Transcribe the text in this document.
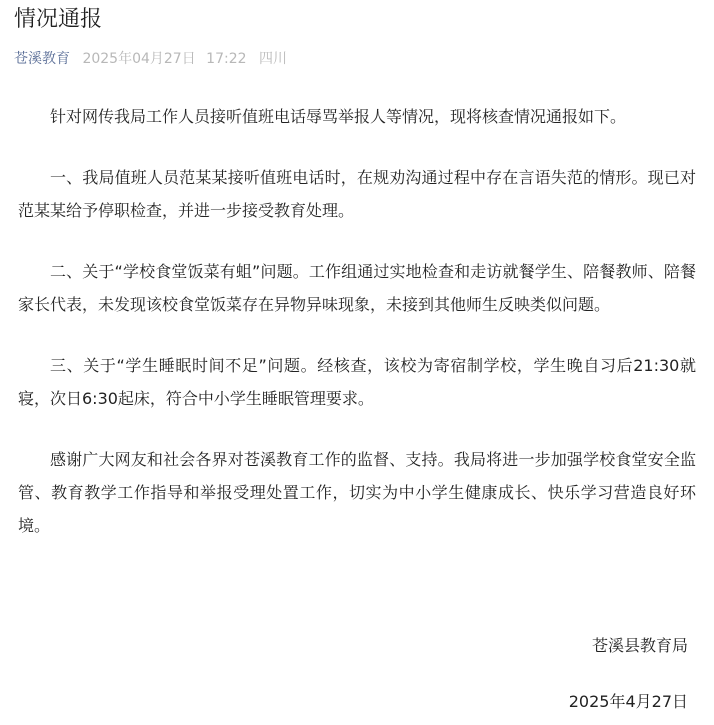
情况通报
苍溪教育 2025年04月27日 17:22 四川

针对网传我局工作人员接听值班电话辱骂举报人等情况，现将核查情况通报如下。

一、我局值班人员范某某接听值班电话时，在规劝沟通过程中存在言语失范的情形。现已对范某某给予停职检查，并进一步接受教育处理。

二、关于“学校食堂饭菜有蛆”问题。工作组通过实地检查和走访就餐学生、陪餐教师、陪餐家长代表，未发现该校食堂饭菜存在异物异味现象，未接到其他师生反映类似问题。

三、关于“学生睡眠时间不足”问题。经核查，该校为寄宿制学校，学生晚自习后21:30就寝，次日6:30起床，符合中小学生睡眠管理要求。

感谢广大网友和社会各界对苍溪教育工作的监督、支持。我局将进一步加强学校食堂安全监管、教育教学工作指导和举报受理处置工作，切实为中小学生健康成长、快乐学习营造良好环境。

苍溪县教育局
2025年4月27日
